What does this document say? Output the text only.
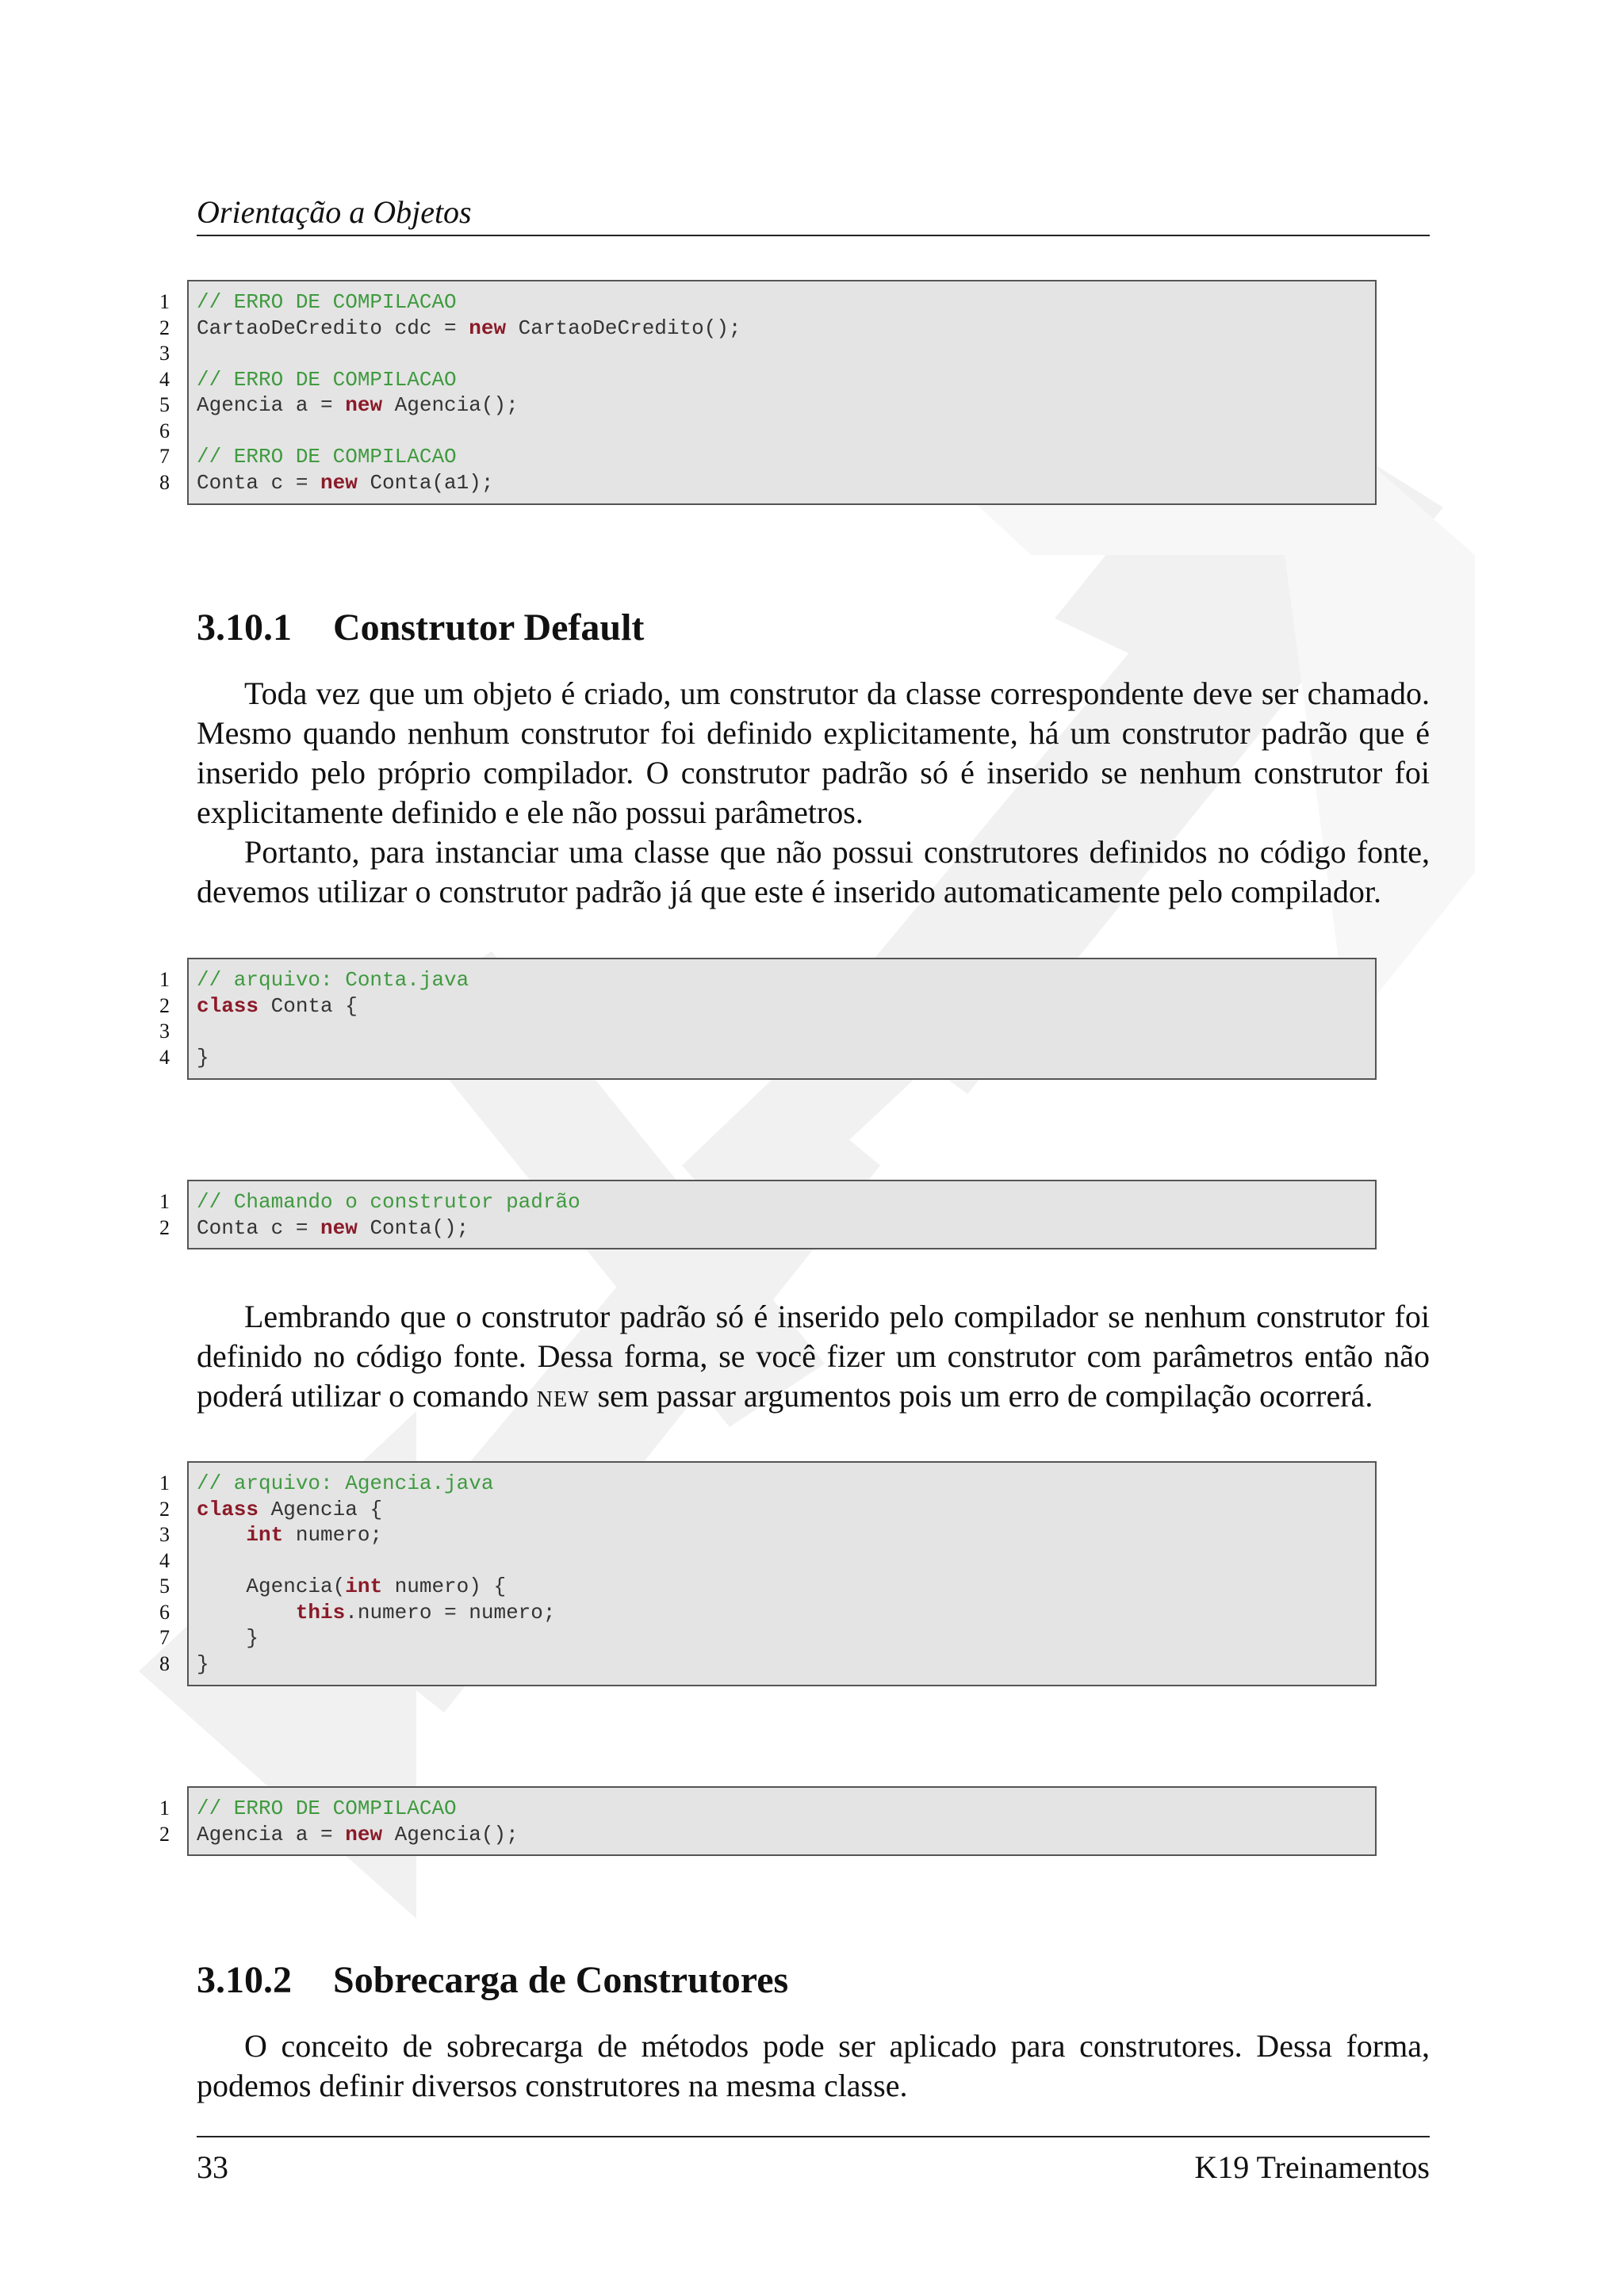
Orientação a Objetos
1
2
3
4
5
6
7
8
// ERRO DE COMPILACAO
CartaoDeCredito cdc = new CartaoDeCredito();
// ERRO DE COMPILACAO
Agencia a = new Agencia();
// ERRO DE COMPILACAO
Conta c = new Conta(a1);
3.10.1 Construtor Default

Toda vez que um objeto é criado, um construtor da classe correspondente deve ser chamado. Mesmo quando nenhum construtor foi definido explicitamente, há um construtor padrão que é inserido pelo próprio compilador. O construtor padrão só é inserido se nenhum construtor foi explicitamente definido e ele não possui parâmetros.

Portanto, para instanciar uma classe que não possui construtores definidos no código fonte, devemos utilizar o construtor padrão já que este é inserido automaticamente pelo compilador.

1
2
3
4
// arquivo: Conta.java
class Conta {
}
1
2
// Chamando o construtor padrão
Conta c = new Conta();

Lembrando que o construtor padrão só é inserido pelo compilador se nenhum construtor foi definido no código fonte. Dessa forma, se você fizer um construtor com parâmetros então não poderá utilizar o comando new sem passar argumentos pois um erro de compilação ocorrerá.

1
2
3
4
5
6
7
8
// arquivo: Agencia.java
class Agencia {
int numero;
Agencia(int numero) {
this.numero = numero;
}
}
1
2
// ERRO DE COMPILACAO
Agencia a = new Agencia();
3.10.2 Sobrecarga de Construtores

O conceito de sobrecarga de métodos pode ser aplicado para construtores. Dessa forma, podemos definir diversos construtores na mesma classe.

33	K19 Treinamentos
